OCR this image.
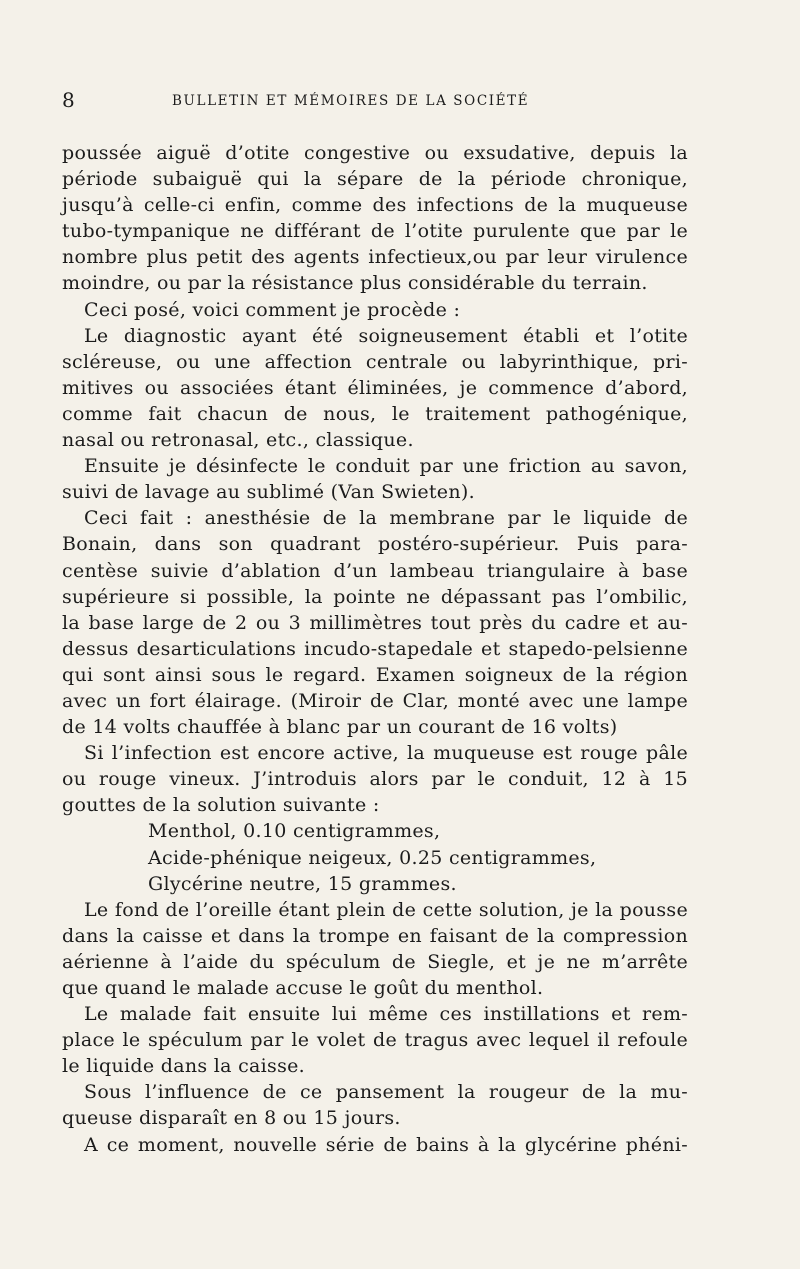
8	BULLETIN ET MÉMOIRES DE LA SOCIÉTÉ
poussée aiguë d’otite congestive ou exsudative, depuis la
période subaiguë qui la sépare de la période chronique,
jusqu’à celle-ci enfin, comme des infections de la muqueuse
tubo-tympanique ne différant de l’otite purulente que par le
nombre plus petit des agents infectieux,ou par leur virulence
moindre, ou par la résistance plus considérable du terrain.
Ceci posé, voici comment je procède :
Le diagnostic ayant été soigneusement établi et l’otite
scléreuse, ou une affection centrale ou labyrinthique, pri-
mitives ou associées étant éliminées, je commence d’abord,
comme fait chacun de nous, le traitement pathogénique,
nasal ou retronasal, etc., classique.
Ensuite je désinfecte le conduit par une friction au savon,
suivi de lavage au sublimé (Van Swieten).
Ceci fait : anesthésie de la membrane par le liquide de
Bonain, dans son quadrant postéro-supérieur. Puis para-
centèse suivie d’ablation d’un lambeau triangulaire à base
supérieure si possible, la pointe ne dépassant pas l’ombilic,
la base large de 2 ou 3 millimètres tout près du cadre et au-
dessus desarticulations incudo-stapedale et stapedo-pelsienne
qui sont ainsi sous le regard. Examen soigneux de la région
avec un fort élairage. (Miroir de Clar, monté avec une lampe
de 14 volts chauffée à blanc par un courant de 16 volts)
Si l’infection est encore active, la muqueuse est rouge pâle
ou rouge vineux. J’introduis alors par le conduit, 12 à 15
gouttes de la solution suivante :
Menthol, 0.10 centigrammes,
Acide-phénique neigeux, 0.25 centigrammes,
Glycérine neutre, 15 grammes.
Le fond de l’oreille étant plein de cette solution, je la pousse
dans la caisse et dans la trompe en faisant de la compression
aérienne à l’aide du spéculum de Siegle, et je ne m’arrête
que quand le malade accuse le goût du menthol.
Le malade fait ensuite lui même ces instillations et rem-
place le spéculum par le volet de tragus avec lequel il refoule
le liquide dans la caisse.
Sous l’influence de ce pansement la rougeur de la mu-
queuse disparaît en 8 ou 15 jours.
A ce moment, nouvelle série de bains à la glycérine phéni-
